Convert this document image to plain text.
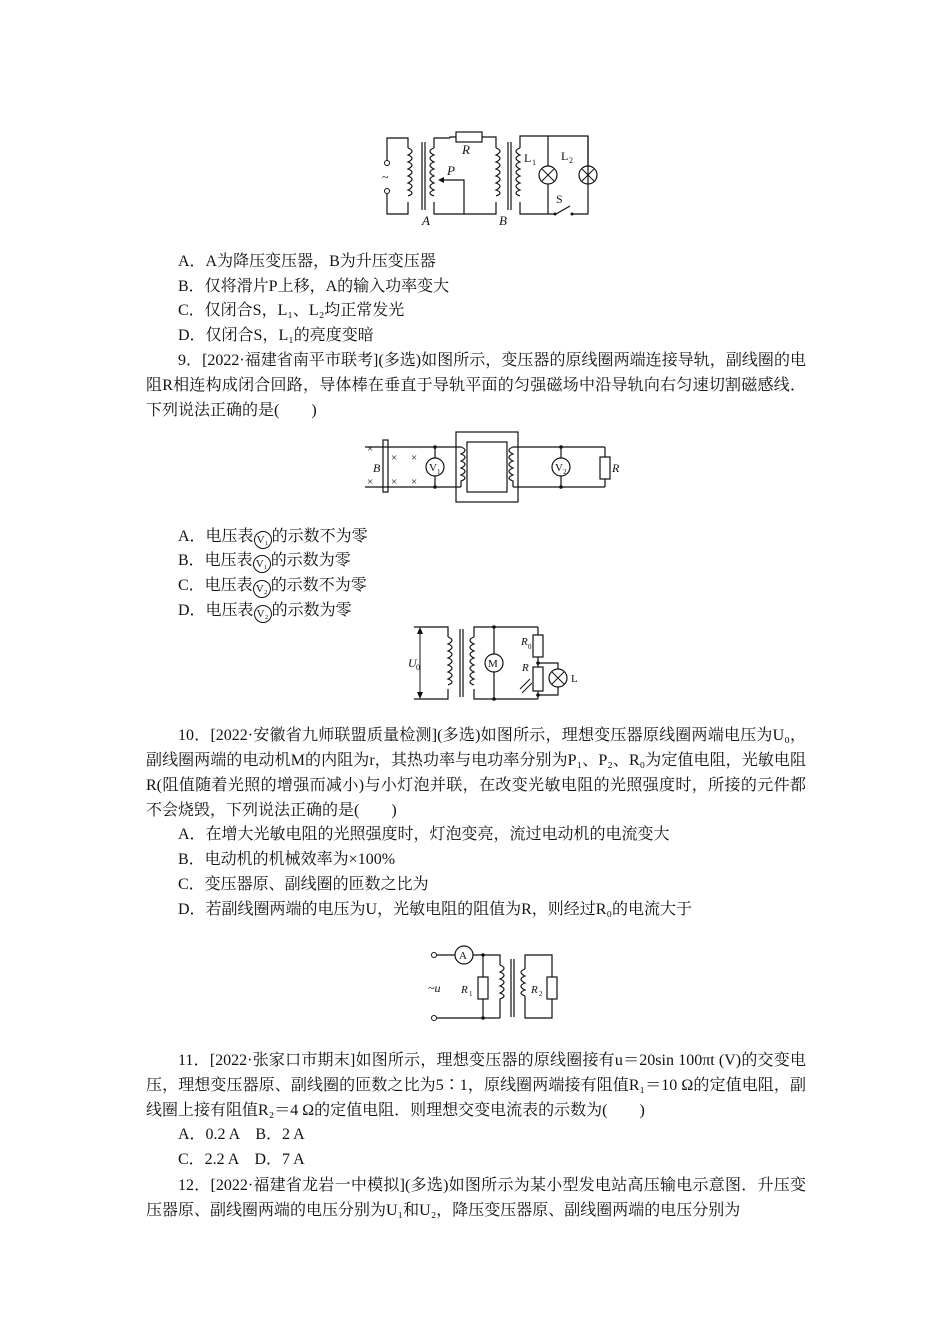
~	P
A
R
B
L 1 L 2
S
A．A为降压变压器，B为升压变压器
B．仅将滑片P上移，A的输入功率变大
C．仅闭合S，L₁、L₂均正常发光
D．仅闭合S，L₁的亮度变暗
9．[2022·福建省南平市联考](多选)如图所示，变压器的原线圈两端连接导轨，副线圈的电阻R相连构成闭合回路，导体棒在垂直于导轨平面的匀强磁场中沿导轨向右匀速切割磁感线．下列说法正确的是(　　)
×
×
× ×
× ×
B	V 1	V 2	R
A．电压表 V₁ 的示数不为零
B．电压表 V₁ 的示数为零
C．电压表 V₂ 的示数不为零
D．电压表 V₂ 的示数为零
U 0	M
R 0
R
L
10．[2022·安徽省九师联盟质量检测](多选)如图所示，理想变压器原线圈两端电压为U₀，副线圈两端的电动机M的内阻为r，其热功率与电功率分别为P₁、P₂、R₀为定值电阻，光敏电阻R(阻值随着光照的增强而减小)与小灯泡并联，在改变光敏电阻的光照强度时，所接的元件都不会烧毁，下列说法正确的是(　　)
A．在增大光敏电阻的光照强度时，灯泡变亮，流过电动机的电流变大
B．电动机的机械效率为×100%
C．变压器原、副线圈的匝数之比为
D．若副线圈两端的电压为U，光敏电阻的阻值为R，则经过R₀的电流大于
~u
A
R 1	R 2
11．[2022·张家口市期末]如图所示，理想变压器的原线圈接有u＝20sin 100πt (V)的交变电压，理想变压器原、副线圈的匝数之比为5∶1，原线圈两端接有阻值R₁＝10 Ω的定值电阻，副线圈上接有阻值R₂＝4 Ω的定值电阻．则理想交变电流表的示数为(　　)
A．0.2 A　B．2 A
C．2.2 A　D．7 A
12．[2022·福建省龙岩一中模拟](多选)如图所示为某小型发电站高压输电示意图．升压变压器原、副线圈两端的电压分别为U₁和U₂，降压变压器原、副线圈两端的电压分别为
